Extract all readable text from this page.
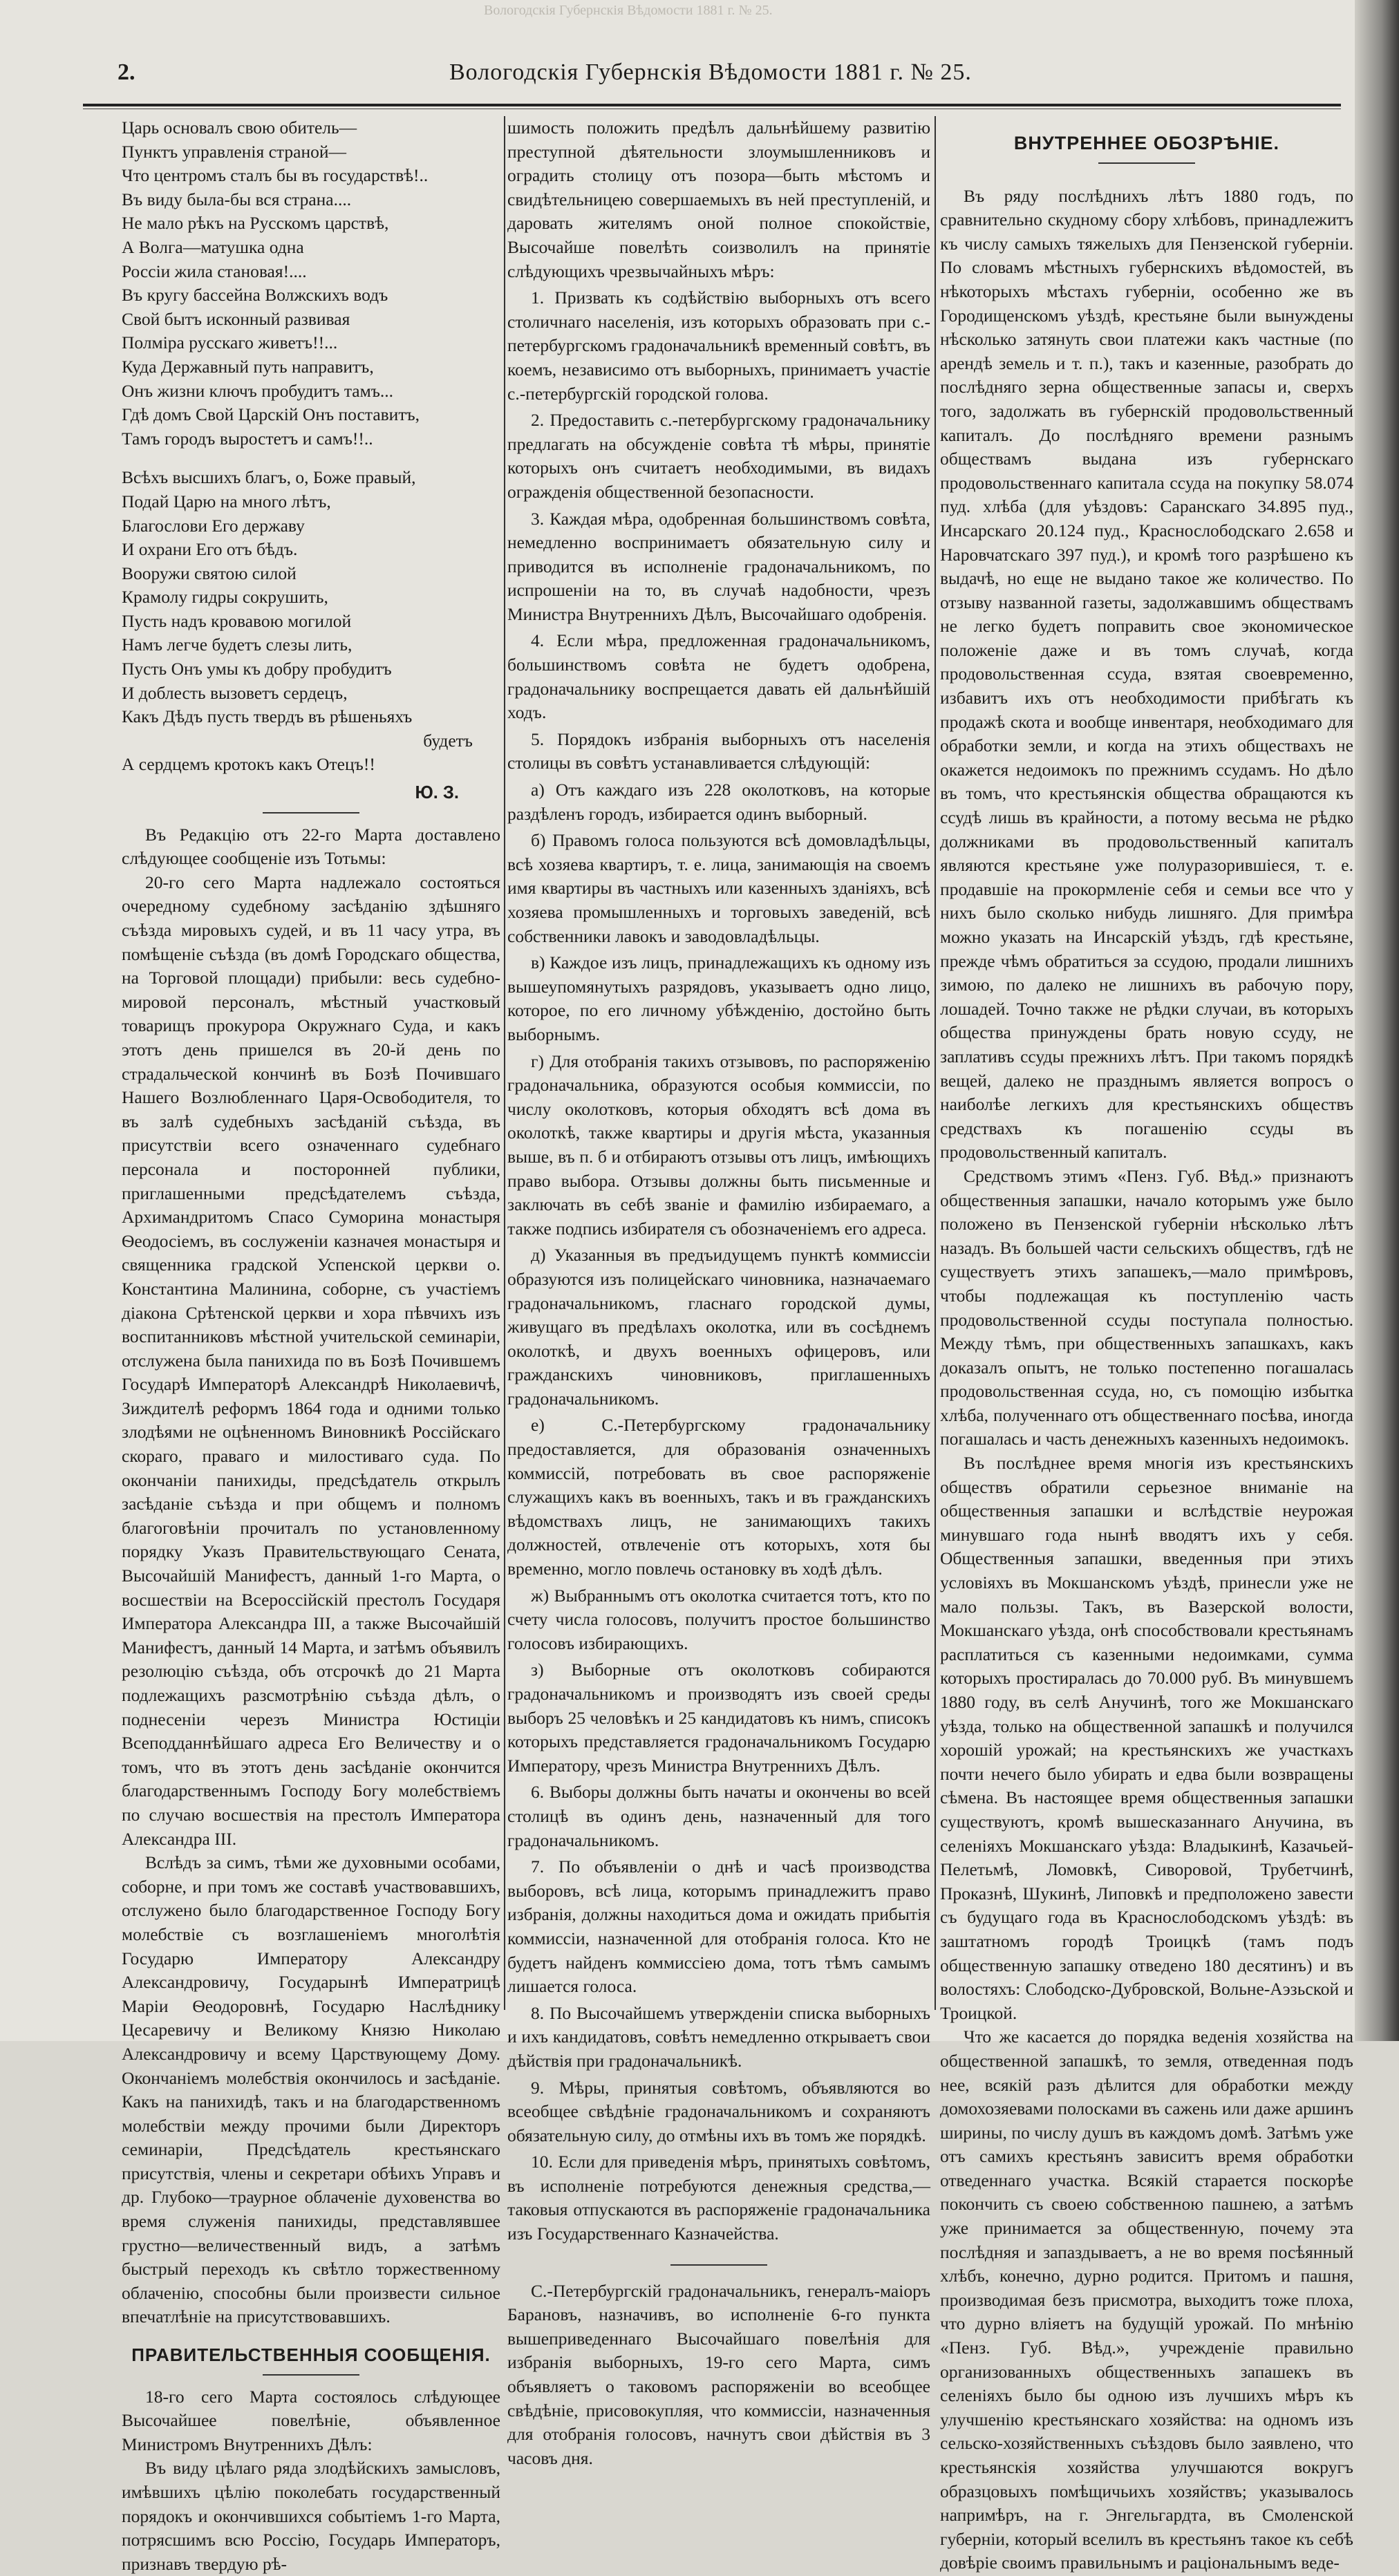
Вологодскія Губернскія Вѣдомости 1881 г. № 25.
2.	Вологодскія Губернскія Вѣдомости 1881 г. № 25.
Царь основалъ свою обитель—
Пунктъ управленія страной—
Что центромъ сталъ бы въ государствѣ!..
Въ виду была-бы вся страна....
Не мало рѣкъ на Русскомъ царствѣ,
А Волга—матушка одна
Россіи жила становая!....
Въ кругу бассейна Волжскихъ водъ
Свой бытъ исконный развивая
Полміра русскаго живетъ!!...
Куда Державный путь направитъ,
Онъ жизни ключъ пробудитъ тамъ...
Гдѣ домъ Свой Царскій Онъ поставитъ,
Тамъ городъ выростетъ и самъ!!..
Всѣхъ высшихъ благъ, о, Боже правый,
Подай Царю на много лѣтъ,
Благослови Его державу
И охрани Его отъ бѣдъ.
Вооружи святою силой
Крамолу гидры сокрушить,
Пусть надъ кровавою могилой
Намъ легче будетъ слезы лить,
Пусть Онъ умы къ добру пробудитъ
И доблесть вызоветъ сердецъ,
Какъ Дѣдъ пусть твердъ въ рѣшеньяхъ
будетъ
А сердцемъ кротокъ какъ Отецъ!!
Ю. З.

Въ Редакцію отъ 22-го Марта доставлено слѣдующее сообщеніе изъ Тотьмы:

20-го сего Марта надлежало состояться очередному судебному засѣданію здѣшняго съѣзда мировыхъ судей, и въ 11 часу утра, въ помѣщеніе съѣзда (въ домѣ Городскаго общества, на Торговой площади) прибыли: весь судебно-мировой персоналъ, мѣстный участковый товарищъ прокурора Окружнаго Суда, и какъ этотъ день пришелся въ 20-й день по страдальческой кончинѣ въ Бозѣ Почившаго Нашего Возлюбленнаго Царя-Освободителя, то въ залѣ судебныхъ засѣданій съѣзда, въ присутствіи всего означеннаго судебнаго персонала и посторонней публики, приглашенными предсѣдателемъ съѣзда, Архимандритомъ Спасо Суморина монастыря Ѳеодосіемъ, въ сослуженіи казначея монастыря и священника градской Успенской церкви о. Константина Малинина, соборне, съ участіемъ діакона Срѣтенской церкви и хора пѣвчихъ изъ воспитанниковъ мѣстной учительской семинаріи, отслужена была панихида по въ Бозѣ Почившемъ Государѣ Императорѣ Александрѣ Николаевичѣ, Зиждителѣ реформъ 1864 года и одними только злодѣями не оцѣненномъ Виновникѣ Россійскаго скораго, праваго и милостиваго суда. По окончаніи панихиды, предсѣдатель открылъ засѣданіе съѣзда и при общемъ и полномъ благоговѣніи прочиталъ по установленному порядку Указъ Правительствующаго Сената, Высочайшій Манифестъ, данный 1-го Марта, о восшествіи на Всероссійскій престолъ Государя Императора Александра III, а также Высочайшій Манифестъ, данный 14 Марта, и затѣмъ объявилъ резолюцію съѣзда, объ отсрочкѣ до 21 Марта подлежащихъ разсмотрѣнію съѣзда дѣлъ, о поднесеніи черезъ Министра Юстиціи Всеподданнѣйшаго адреса Его Величеству и о томъ, что въ этотъ день засѣданіе окончится благодарственнымъ Господу Богу молебствіемъ по случаю восшествія на престолъ Императора Александра III.

Вслѣдъ за симъ, тѣми же духовными особами, соборне, и при томъ же составѣ участвовавшихъ, отслужено было благодарственное Господу Богу молебствіе съ возглашеніемъ многолѣтія Государю Императору Александру Александровичу, Государынѣ Императрицѣ Маріи Ѳеодоровнѣ, Государю Наслѣднику Цесаревичу и Великому Князю Николаю Александровичу и всему Царствующему Дому. Окончаніемъ молебствія окончилось и засѣданіе. Какъ на панихидѣ, такъ и на благодарственномъ молебствіи между прочими были Директоръ семинаріи, Предсѣдатель крестьянскаго присутствія, члены и секретари обѣихъ Управъ и др. Глубоко—траурное облаченіе духовенства во время служенія панихиды, представлявшее грустно—величественный видъ, а затѣмъ быстрый переходъ къ свѣтло торжественному облаченію, способны были произвести сильное впечатлѣніе на присутствовавшихъ.

ПРАВИТЕЛЬСТВЕННЫЯ СООБЩЕНІЯ.

18-го сего Марта состоялось слѣдующее Высочайшее повелѣніе, объявленное Министромъ Внутреннихъ Дѣлъ:

Въ виду цѣлаго ряда злодѣйскихъ замысловъ, имѣвшихъ цѣлію поколебать государственный порядокъ и окончившихся событіемъ 1-го Марта, потрясшимъ всю Россію, Государь Императоръ, признавъ твердую рѣ-

шимость положить предѣлъ дальнѣйшему развитію преступной дѣятельности злоумышленниковъ и оградить столицу отъ позора—быть мѣстомъ и свидѣтельницею совершаемыхъ въ ней преступленій, и даровать жителямъ оной полное спокойствіе, Высочайше повелѣть соизволилъ на принятіе слѣдующихъ чрезвычайныхъ мѣръ:

1. Призвать къ содѣйствію выборныхъ отъ всего столичнаго населенія, изъ которыхъ образовать при с.-петербургскомъ градоначальникѣ временный совѣтъ, въ коемъ, независимо отъ выборныхъ, принимаетъ участіе с.-петербургскій городской голова.

2. Предоставить с.-петербургскому градоначальнику предлагать на обсужденіе совѣта тѣ мѣры, принятіе которыхъ онъ считаетъ необходимыми, въ видахъ огражденія общественной безопасности.

3. Каждая мѣра, одобренная большинствомъ совѣта, немедленно воспринимаетъ обязательную силу и приводится въ исполненіе градоначальникомъ, по испрошеніи на то, въ случаѣ надобности, чрезъ Министра Внутреннихъ Дѣлъ, Высочайшаго одобренія.

4. Если мѣра, предложенная градоначальникомъ, большинствомъ совѣта не будетъ одобрена, градоначальнику воспрещается давать ей дальнѣйшій ходъ.

5. Порядокъ избранія выборныхъ отъ населенія столицы въ совѣтъ устанавливается слѣдующій:

а) Отъ каждаго изъ 228 околотковъ, на которые раздѣленъ городъ, избирается одинъ выборный.

б) Правомъ голоса пользуются всѣ домовладѣльцы, всѣ хозяева квартиръ, т. е. лица, занимающія на своемъ имя квартиры въ частныхъ или казенныхъ зданіяхъ, всѣ хозяева промышленныхъ и торговыхъ заведеній, всѣ собственники лавокъ и заводовладѣльцы.

в) Каждое изъ лицъ, принадлежащихъ къ одному изъ вышеупомянутыхъ разрядовъ, указываетъ одно лицо, которое, по его личному убѣжденію, достойно быть выборнымъ.

г) Для отобранія такихъ отзывовъ, по распоряженію градоначальника, образуются особыя коммиссіи, по числу околотковъ, которыя обходятъ всѣ дома въ околоткѣ, также квартиры и другія мѣста, указанныя выше, въ п. б и отбираютъ отзывы отъ лицъ, имѣющихъ право выбора. Отзывы должны быть письменные и заключать въ себѣ званіе и фамилію избираемаго, а также подпись избирателя съ обозначеніемъ его адреса.

д) Указанныя въ предъидущемъ пунктѣ коммиссіи образуются изъ полицейскаго чиновника, назначаемаго градоначальникомъ, гласнаго городской думы, живущаго въ предѣлахъ околотка, или въ сосѣднемъ околоткѣ, и двухъ военныхъ офицеровъ, или гражданскихъ чиновниковъ, приглашенныхъ градоначальникомъ.

е) С.-Петербургскому градоначальнику предоставляется, для образованія означенныхъ коммиссій, потребовать въ свое распоряженіе служащихъ какъ въ военныхъ, такъ и въ гражданскихъ вѣдомствахъ лицъ, не занимающихъ такихъ должностей, отвлеченіе отъ которыхъ, хотя бы временно, могло повлечь остановку въ ходѣ дѣлъ.

ж) Выбраннымъ отъ околотка считается тотъ, кто по счету числа голосовъ, получитъ простое большинство голосовъ избирающихъ.

з) Выборные отъ околотковъ собираются градоначальникомъ и производятъ изъ своей среды выборъ 25 человѣкъ и 25 кандидатовъ къ нимъ, списокъ которыхъ представляется градоначальникомъ Государю Императору, чрезъ Министра Внутреннихъ Дѣлъ.

6. Выборы должны быть начаты и окончены во всей столицѣ въ одинъ день, назначенный для того градоначальникомъ.

7. По объявленіи о днѣ и часѣ производства выборовъ, всѣ лица, которымъ принадлежитъ право избранія, должны находиться дома и ожидать прибытія коммиссіи, назначенной для отобранія голоса. Кто не будетъ найденъ коммиссіею дома, тотъ тѣмъ самымъ лишается голоса.

8. По Высочайшемъ утвержденіи списка выборныхъ и ихъ кандидатовъ, совѣтъ немедленно открываетъ свои дѣйствія при градоначальникѣ.

9. Мѣры, принятыя совѣтомъ, объявляются во всеобщее свѣдѣніе градоначальникомъ и сохраняютъ обязательную силу, до отмѣны ихъ въ томъ же порядкѣ.

10. Если для приведенія мѣръ, принятыхъ совѣтомъ, въ исполненіе потребуются денежныя средства,—таковыя отпускаются въ распоряженіе градоначальника изъ Государственнаго Казначейства.

С.-Петербургскій градоначальникъ, генералъ-маіоръ Барановъ, назначивъ, во исполненіе 6-го пункта вышеприведеннаго Высочайшаго повелѣнія для избранія выборныхъ, 19-го сего Марта, симъ объявляетъ о таковомъ распоряженіи во всеобщее свѣдѣніе, присовокупляя, что коммиссіи, назначенныя для отобранія голосовъ, начнутъ свои дѣйствія въ 3 часовъ дня.

ВНУТРЕННЕЕ ОБОЗРѢНІЕ.

Въ ряду послѣднихъ лѣтъ 1880 годъ, по сравнительно скудному сбору хлѣбовъ, принадлежитъ къ числу самыхъ тяжелыхъ для Пензенской губерніи. По словамъ мѣстныхъ губернскихъ вѣдомостей, въ нѣкоторыхъ мѣстахъ губерніи, особенно же въ Городищенскомъ уѣздѣ, крестьяне были вынуждены нѣсколько затянуть свои платежи какъ частные (по арендѣ земель и т. п.), такъ и казенные, разобрать до послѣдняго зерна общественные запасы и, сверхъ того, задолжать въ губернскій продовольственный капиталъ. До послѣдняго времени разнымъ обществамъ выдана изъ губернскаго продовольственнаго капитала ссуда на покупку 58.074 пуд. хлѣба (для уѣздовъ: Саранскаго 34.895 пуд., Инсарскаго 20.124 пуд., Краснослободскаго 2.658 и Наровчатскаго 397 пуд.), и кромѣ того разрѣшено къ выдачѣ, но еще не выдано такое же количество. По отзыву названной газеты, задолжавшимъ обществамъ не легко будетъ поправить свое экономическое положеніе даже и въ томъ случаѣ, когда продовольственная ссуда, взятая своевременно, избавитъ ихъ отъ необходимости прибѣгать къ продажѣ скота и вообще инвентаря, необходимаго для обработки земли, и когда на этихъ обществахъ не окажется недоимокъ по прежнимъ ссудамъ. Но дѣло въ томъ, что крестьянскія общества обращаются къ ссудѣ лишь въ крайности, а потому весьма не рѣдко должниками въ продовольственный капиталъ являются крестьяне уже полуразорившіеся, т. е. продавшіе на прокормленіе себя и семьи все что у нихъ было сколько нибудь лишняго. Для примѣра можно указать на Инсарскій уѣздъ, гдѣ крестьяне, прежде чѣмъ обратиться за ссудою, продали лишнихъ зимою, по далеко не лишнихъ въ рабочую пору, лошадей. Точно также не рѣдки случаи, въ которыхъ общества принуждены брать новую ссуду, не заплативъ ссуды прежнихъ лѣтъ. При такомъ порядкѣ вещей, далеко не празднымъ является вопросъ о наиболѣе легкихъ для крестьянскихъ обществъ средствахъ къ погашенію ссуды въ продовольственный капиталъ.

Средствомъ этимъ «Пенз. Губ. Вѣд.» признаютъ общественныя запашки, начало которымъ уже было положено въ Пензенской губерніи нѣсколько лѣтъ назадъ. Въ большей части сельскихъ обществъ, гдѣ не существуетъ этихъ запашекъ,—мало примѣровъ, чтобы подлежащая къ поступленію часть продовольственной ссуды поступала полностью. Между тѣмъ, при общественныхъ запашкахъ, какъ доказалъ опытъ, не только постепенно погашалась продовольственная ссуда, но, съ помощію избытка хлѣба, полученнаго отъ общественнаго посѣва, иногда погашалась и часть денежныхъ казенныхъ недоимокъ.

Въ послѣднее время многія изъ крестьянскихъ обществъ обратили серьезное вниманіе на общественныя запашки и вслѣдствіе неурожая минувшаго года нынѣ вводятъ ихъ у себя. Общественныя запашки, введенныя при этихъ условіяхъ въ Мокшанскомъ уѣздѣ, принесли уже не мало пользы. Такъ, въ Вазерской волости, Мокшанскаго уѣзда, онѣ способствовали крестьянамъ расплатиться съ казенными недоимками, сумма которыхъ простиралась до 70.000 руб. Въ минувшемъ 1880 году, въ селѣ Анучинѣ, того же Мокшанскаго уѣзда, только на общественной запашкѣ и получился хорошій урожай; на крестьянскихъ же участкахъ почти нечего было убирать и едва были возвращены сѣмена. Въ настоящее время общественныя запашки существуютъ, кромѣ вышесказаннаго Анучина, въ селеніяхъ Мокшанскаго уѣзда: Владыкинѣ, Казачьей-Пелетьмѣ, Ломовкѣ, Сиворовой, Трубетчинѣ, Проказнѣ, Шукинѣ, Липовкѣ и предположено завести съ будущаго года въ Краснослободскомъ уѣздѣ: въ заштатномъ городѣ Троицкѣ (тамъ подъ общественную запашку отведено 180 десятинъ) и въ волостяхъ: Слободско-Дубровской, Вольне-Аэзьской и Троицкой.

Что же касается до порядка веденія хозяйства на общественной запашкѣ, то земля, отведенная подъ нее, всякій разъ дѣлится для обработки между домохозяевами полосками въ сажень или даже аршинъ ширины, по числу душъ въ каждомъ домѣ. Затѣмъ уже отъ самихъ крестьянъ зависитъ время обработки отведеннаго участка. Всякій старается поскорѣе покончить съ своею собственною пашнею, а затѣмъ уже принимается за общественную, почему эта послѣдняя и запаздываетъ, а не во время посѣянный хлѣбъ, конечно, дурно родится. Притомъ и пашня, производимая безъ присмотра, выходитъ тоже плоха, что дурно вліяетъ на будущій урожай. По мнѣнію «Пенз. Губ. Вѣд.», учрежденіе правильно организованныхъ общественныхъ запашекъ въ селеніяхъ было бы одною изъ лучшихъ мѣръ къ улучшенію крестьянскаго хозяйства: на одномъ изъ сельско-хозяйственныхъ съѣздовъ было заявлено, что крестьянскія хозяйства улучшаются вокругъ образцовыхъ помѣщичьихъ хозяйствъ; указывалось напримѣръ, на г. Энгельгардта, въ Смоленской губерніи, который вселилъ въ крестьянъ такое къ себѣ довѣріе своимъ правильнымъ и раціональнымъ веде-
